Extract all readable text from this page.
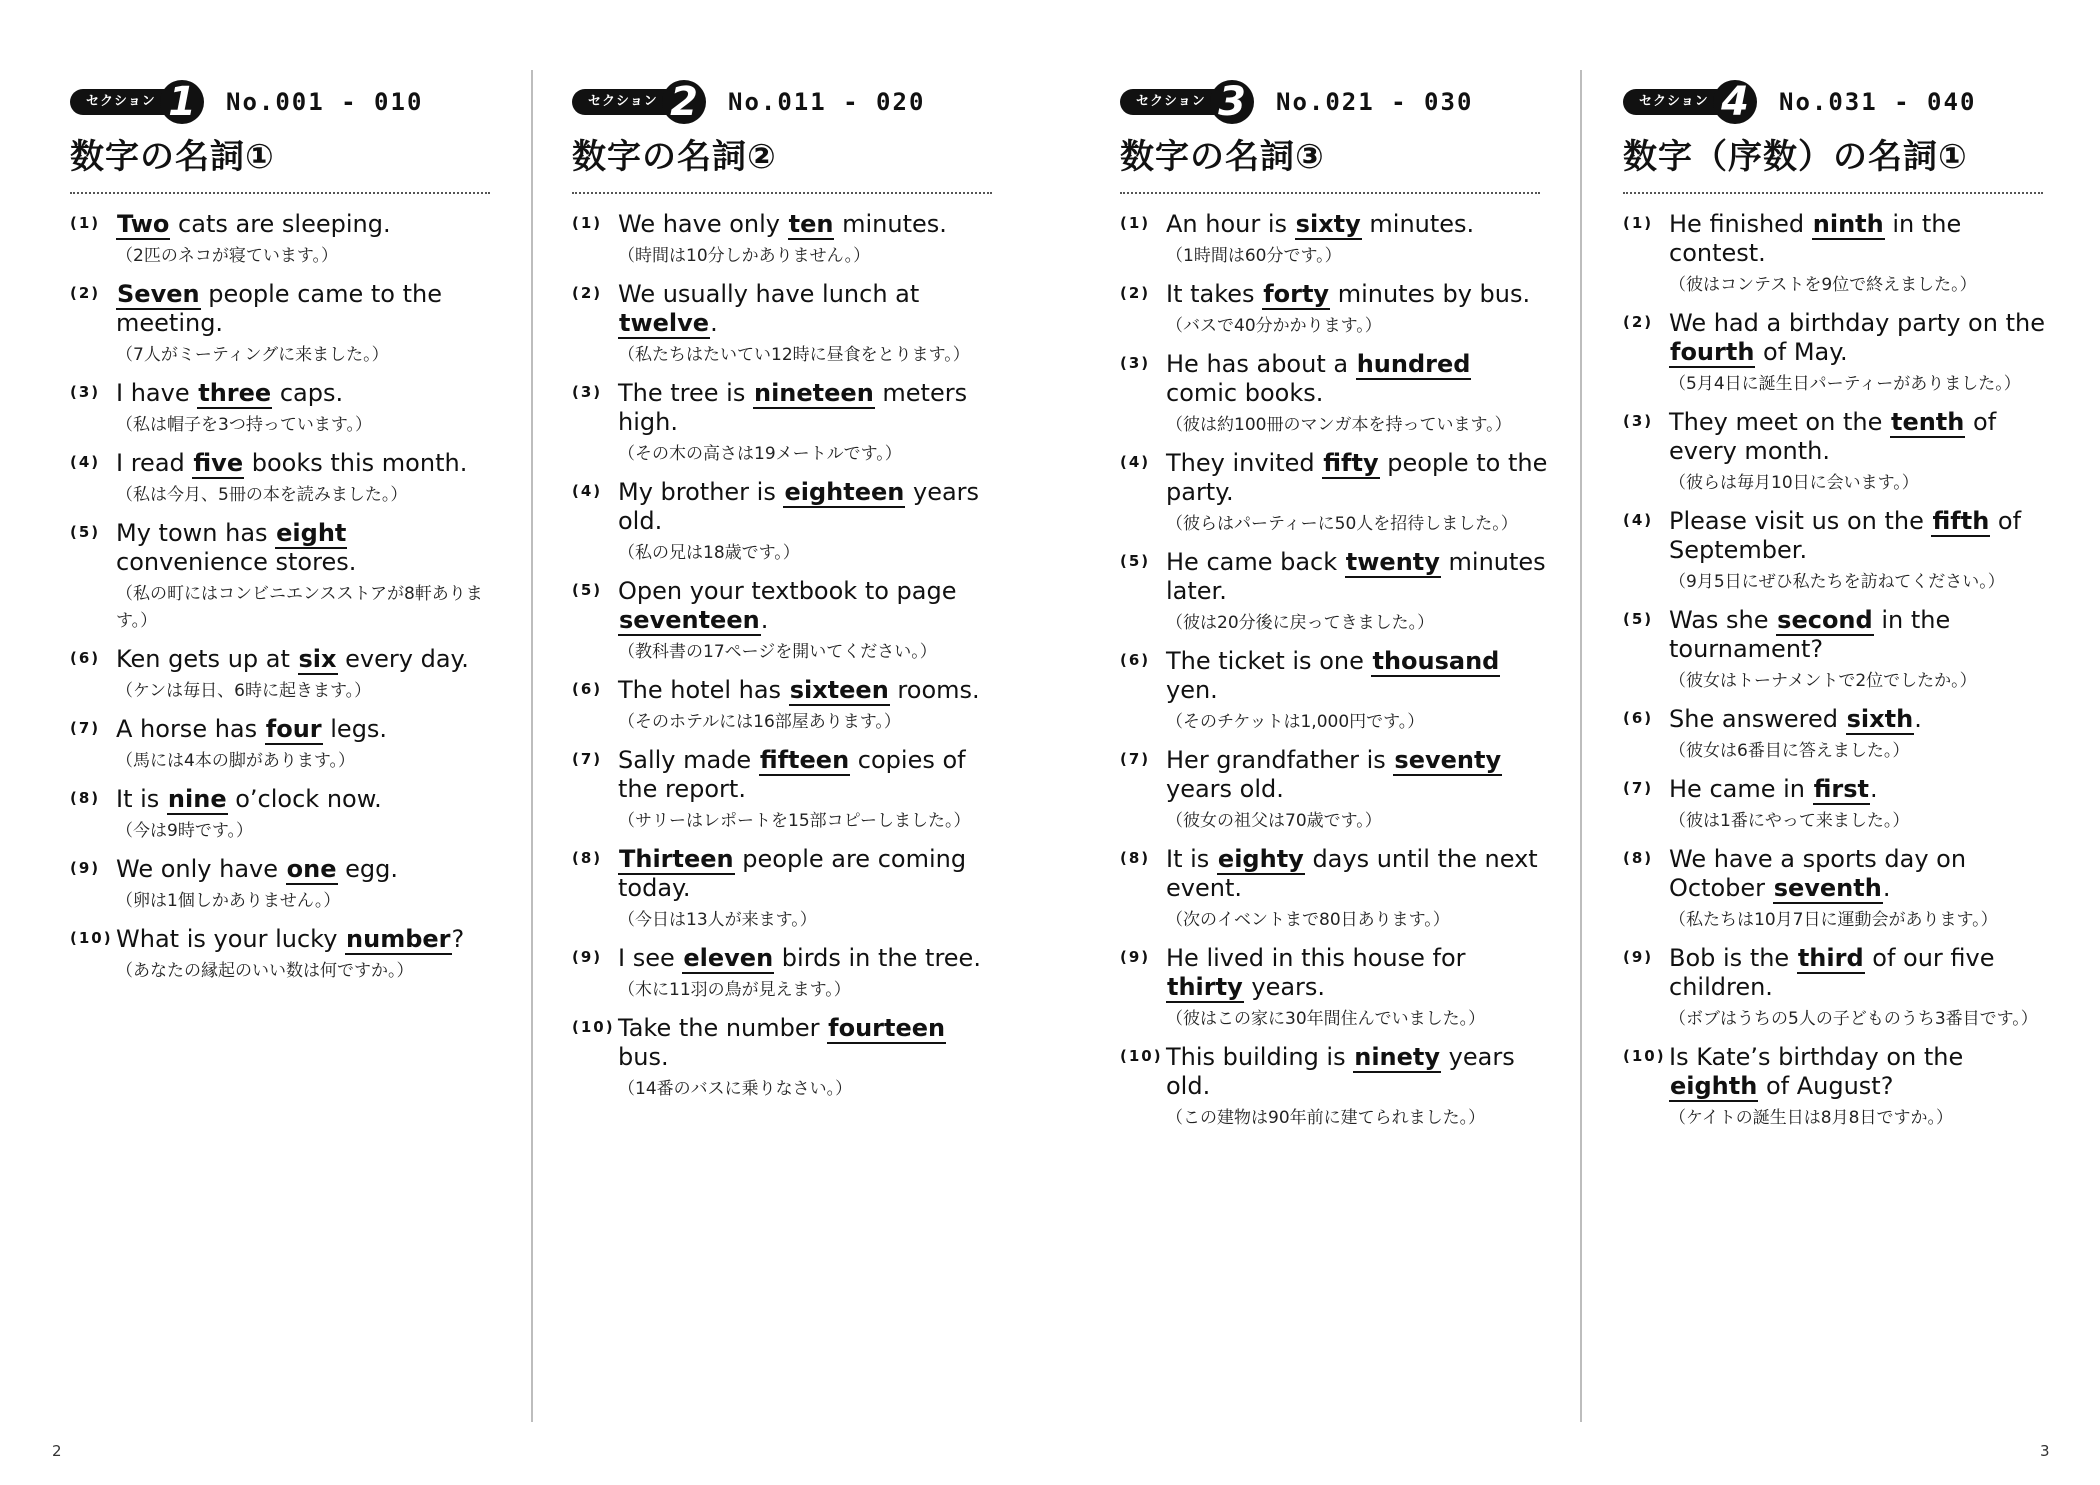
セクション 1	No.001 - 010
数字の名詞①
(1) Two cats are sleeping.
（2匹のネコが寝ています。）
(2) Seven people came to the meeting.
（7人がミーティングに来ました。）
(3) I have three caps.
（私は帽子を3つ持っています。）
(4) I read five books this month.
（私は今月、5冊の本を読みました。）
(5) My town has eight convenience stores.
（私の町にはコンビニエンスストアが8軒あります。）
(6) Ken gets up at six every day.
（ケンは毎日、6時に起きます。）
(7) A horse has four legs.
（馬には4本の脚があります。）
(8) It is nine o’clock now.
（今は9時です。）
(9) We only have one egg.
（卵は1個しかありません。）
(10) What is your lucky number?
（あなたの縁起のいい数は何ですか。）
セクション 2	No.011 - 020
数字の名詞②
(1) We have only ten minutes.
（時間は10分しかありません。）
(2) We usually have lunch at twelve.
（私たちはたいてい12時に昼食をとります。）
(3) The tree is nineteen meters high.
（その木の高さは19メートルです。）
(4) My brother is eighteen years old.
（私の兄は18歳です。）
(5) Open your textbook to page seventeen.
（教科書の17ページを開いてください。）
(6) The hotel has sixteen rooms.
（そのホテルには16部屋あります。）
(7) Sally made fifteen copies of the report.
（サリーはレポートを15部コピーしました。）
(8) Thirteen people are coming today.
（今日は13人が来ます。）
(9) I see eleven birds in the tree.
（木に11羽の鳥が見えます。）
(10) Take the number fourteen bus.
（14番のバスに乗りなさい。）
セクション 3	No.021 - 030
数字の名詞③
(1) An hour is sixty minutes.
（1時間は60分です。）
(2) It takes forty minutes by bus.
（バスで40分かかります。）
(3) He has about a hundred comic books.
（彼は約100冊のマンガ本を持っています。）
(4) They invited fifty people to the party.
（彼らはパーティーに50人を招待しました。）
(5) He came back twenty minutes later.
（彼は20分後に戻ってきました。）
(6) The ticket is one thousand yen.
（そのチケットは1,000円です。）
(7) Her grandfather is seventy years old.
（彼女の祖父は70歳です。）
(8) It is eighty days until the next event.
（次のイベントまで80日あります。）
(9) He lived in this house for thirty years.
（彼はこの家に30年間住んでいました。）
(10) This building is ninety years old.
（この建物は90年前に建てられました。）
セクション 4	No.031 - 040
数字（序数）の名詞①
(1) He finished ninth in the contest.
（彼はコンテストを9位で終えました。）
(2) We had a birthday party on the fourth of May.
（5月4日に誕生日パーティーがありました。）
(3) They meet on the tenth of every month.
（彼らは毎月10日に会います。）
(4) Please visit us on the fifth of September.
（9月5日にぜひ私たちを訪ねてください。）
(5) Was she second in the tournament?
（彼女はトーナメントで2位でしたか。）
(6) She answered sixth.
（彼女は6番目に答えました。）
(7) He came in first.
（彼は1番にやって来ました。）
(8) We have a sports day on October seventh.
（私たちは10月7日に運動会があります。）
(9) Bob is the third of our five children.
（ボブはうちの5人の子どものうち3番目です。）
(10) Is Kate’s birthday on the eighth of August?
（ケイトの誕生日は8月8日ですか。）
2	3
